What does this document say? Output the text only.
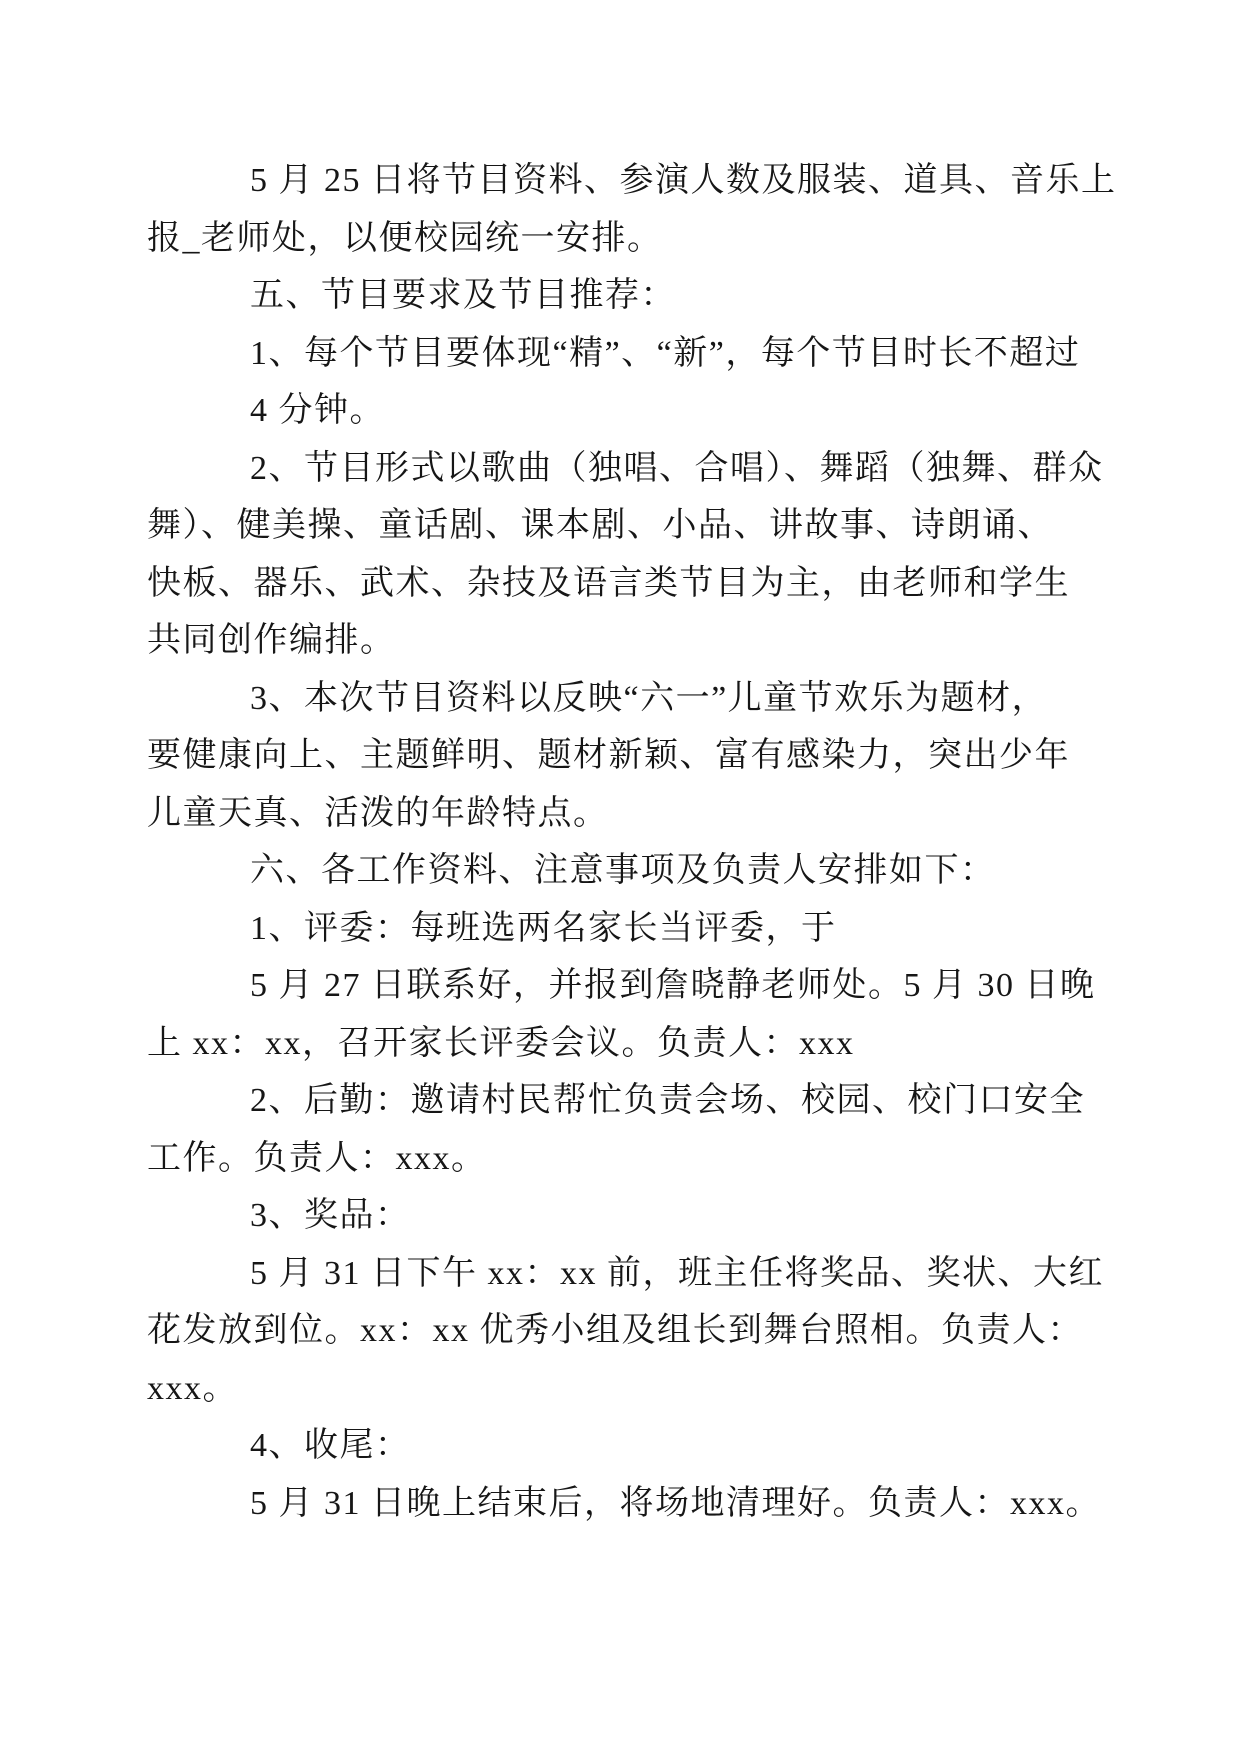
5 月 25 日将节目资料、参演人数及服装、道具、音乐上
报_老师处，以便校园统一安排。
五、节目要求及节目推荐：
1、每个节目要体现“精”、“新”，每个节目时长不超过
4 分钟。
2、节目形式以歌曲（独唱、合唱）、舞蹈（独舞、群众
舞）、健美操、童话剧、课本剧、小品、讲故事、诗朗诵、
快板、器乐、武术、杂技及语言类节目为主，由老师和学生
共同创作编排。
3、本次节目资料以反映“六一”儿童节欢乐为题材，
要健康向上、主题鲜明、题材新颖、富有感染力，突出少年
儿童天真、活泼的年龄特点。
六、各工作资料、注意事项及负责人安排如下：
1、评委：每班选两名家长当评委，于
5 月 27 日联系好，并报到詹晓静老师处。5 月 30 日晚
上 xx：xx，召开家长评委会议。负责人：xxx
2、后勤：邀请村民帮忙负责会场、校园、校门口安全
工作。负责人：xxx。
3、奖品：
5 月 31 日下午 xx：xx 前，班主任将奖品、奖状、大红
花发放到位。xx：xx 优秀小组及组长到舞台照相。负责人：
xxx。
4、收尾：
5 月 31 日晚上结束后，将场地清理好。负责人：xxx。
